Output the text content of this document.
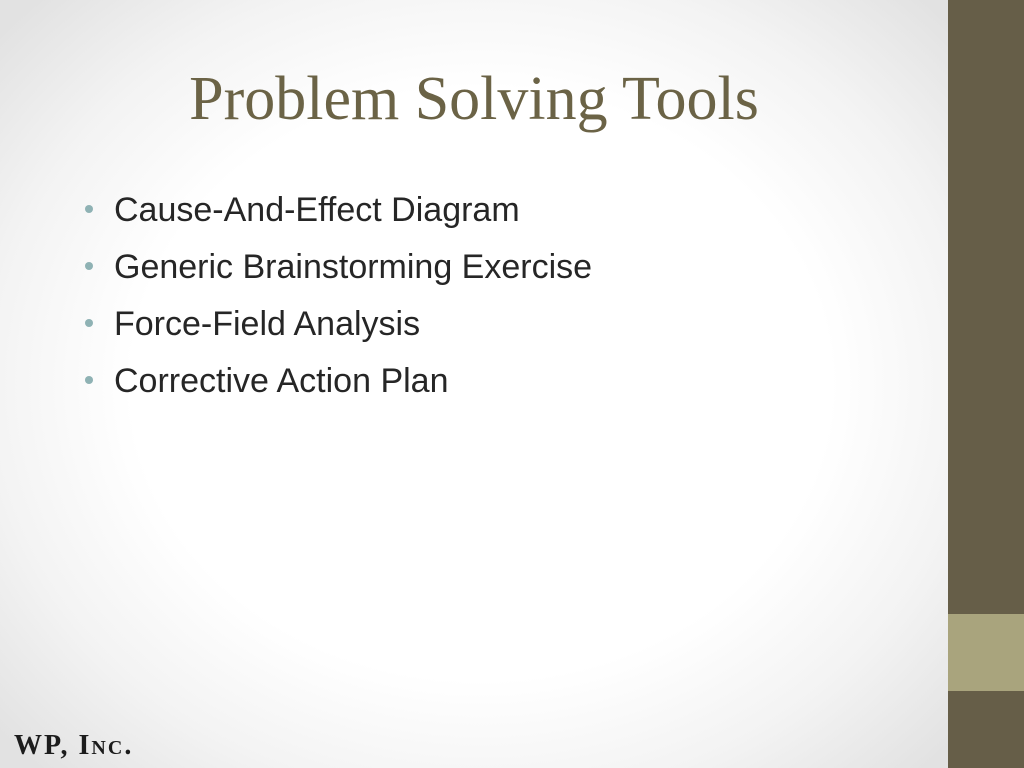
Problem Solving Tools
Cause-And-Effect Diagram
Generic Brainstorming Exercise
Force-Field Analysis
Corrective Action Plan
WP, Inc.
